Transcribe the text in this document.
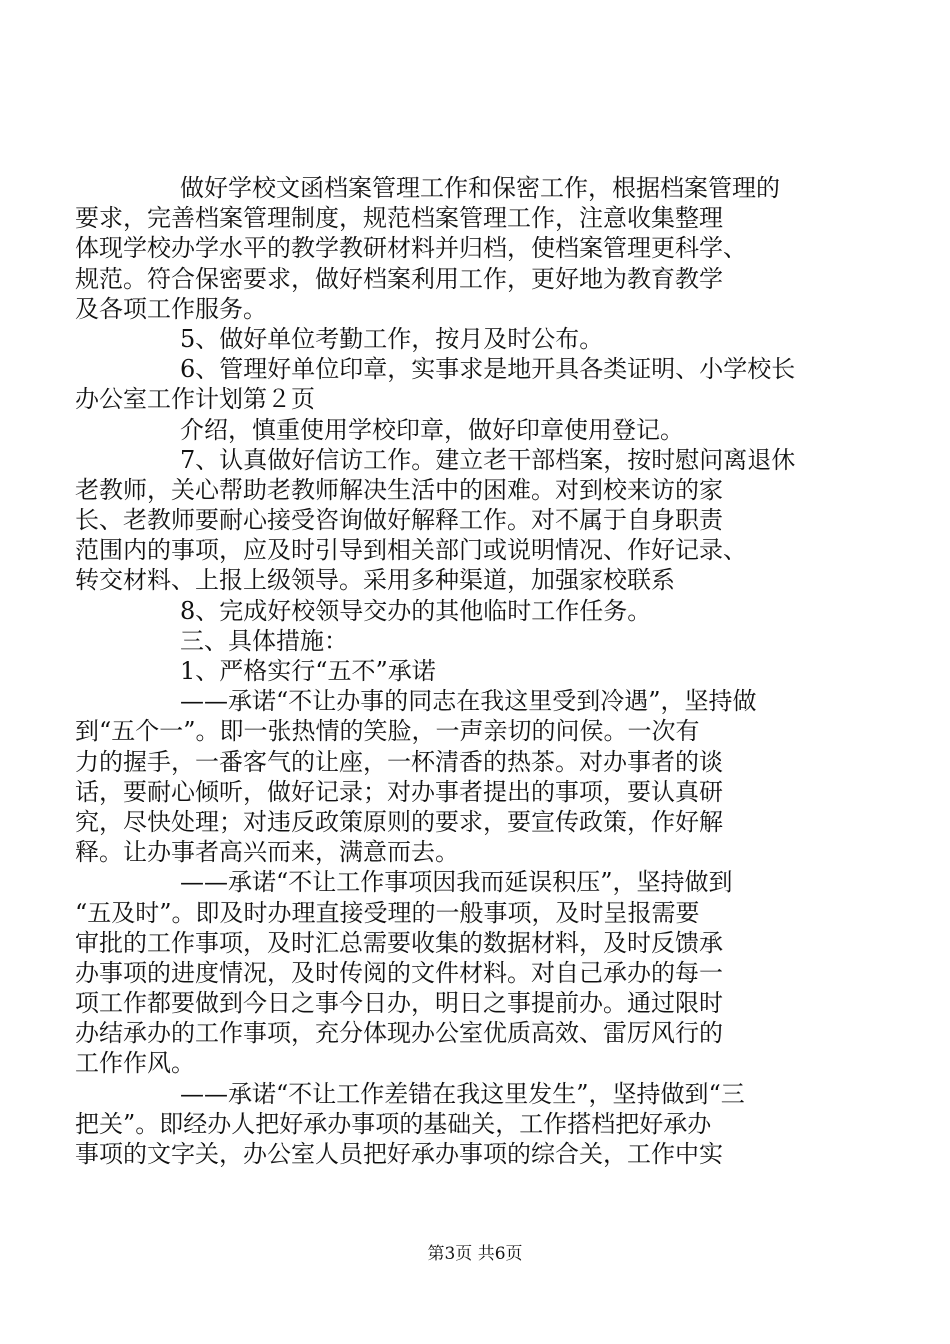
做好学校文函档案管理工作和保密工作，根据档案管理的
要求，完善档案管理制度，规范档案管理工作，注意收集整理
体现学校办学水平的教学教研材料并归档，使档案管理更科学、
规范。符合保密要求，做好档案利用工作，更好地为教育教学
及各项工作服务。
5、做好单位考勤工作，按月及时公布。
6、管理好单位印章，实事求是地开具各类证明、小学校长
办公室工作计划第２页
介绍，慎重使用学校印章，做好印章使用登记。
7、认真做好信访工作。建立老干部档案，按时慰问离退休
老教师，关心帮助老教师解决生活中的困难。对到校来访的家
长、老教师要耐心接受咨询做好解释工作。对不属于自身职责
范围内的事项，应及时引导到相关部门或说明情况、作好记录、
转交材料、上报上级领导。采用多种渠道，加强家校联系
8、完成好校领导交办的其他临时工作任务。
三、具体措施：
1、严格实行“五不”承诺
——承诺“不让办事的同志在我这里受到冷遇”，坚持做
到“五个一”。即一张热情的笑脸，一声亲切的问侯。一次有
力的握手，一番客气的让座，一杯清香的热茶。对办事者的谈
话，要耐心倾听，做好记录；对办事者提出的事项，要认真研
究，尽快处理；对违反政策原则的要求，要宣传政策，作好解
释。让办事者高兴而来，满意而去。
——承诺“不让工作事项因我而延误积压”，坚持做到
“五及时”。即及时办理直接受理的一般事项，及时呈报需要
审批的工作事项，及时汇总需要收集的数据材料，及时反馈承
办事项的进度情况，及时传阅的文件材料。对自己承办的每一
项工作都要做到今日之事今日办，明日之事提前办。通过限时
办结承办的工作事项，充分体现办公室优质高效、雷厉风行的
工作作风。
——承诺“不让工作差错在我这里发生”，坚持做到“三
把关”。即经办人把好承办事项的基础关，工作搭档把好承办
事项的文字关，办公室人员把好承办事项的综合关，工作中实
第3页 共6页
